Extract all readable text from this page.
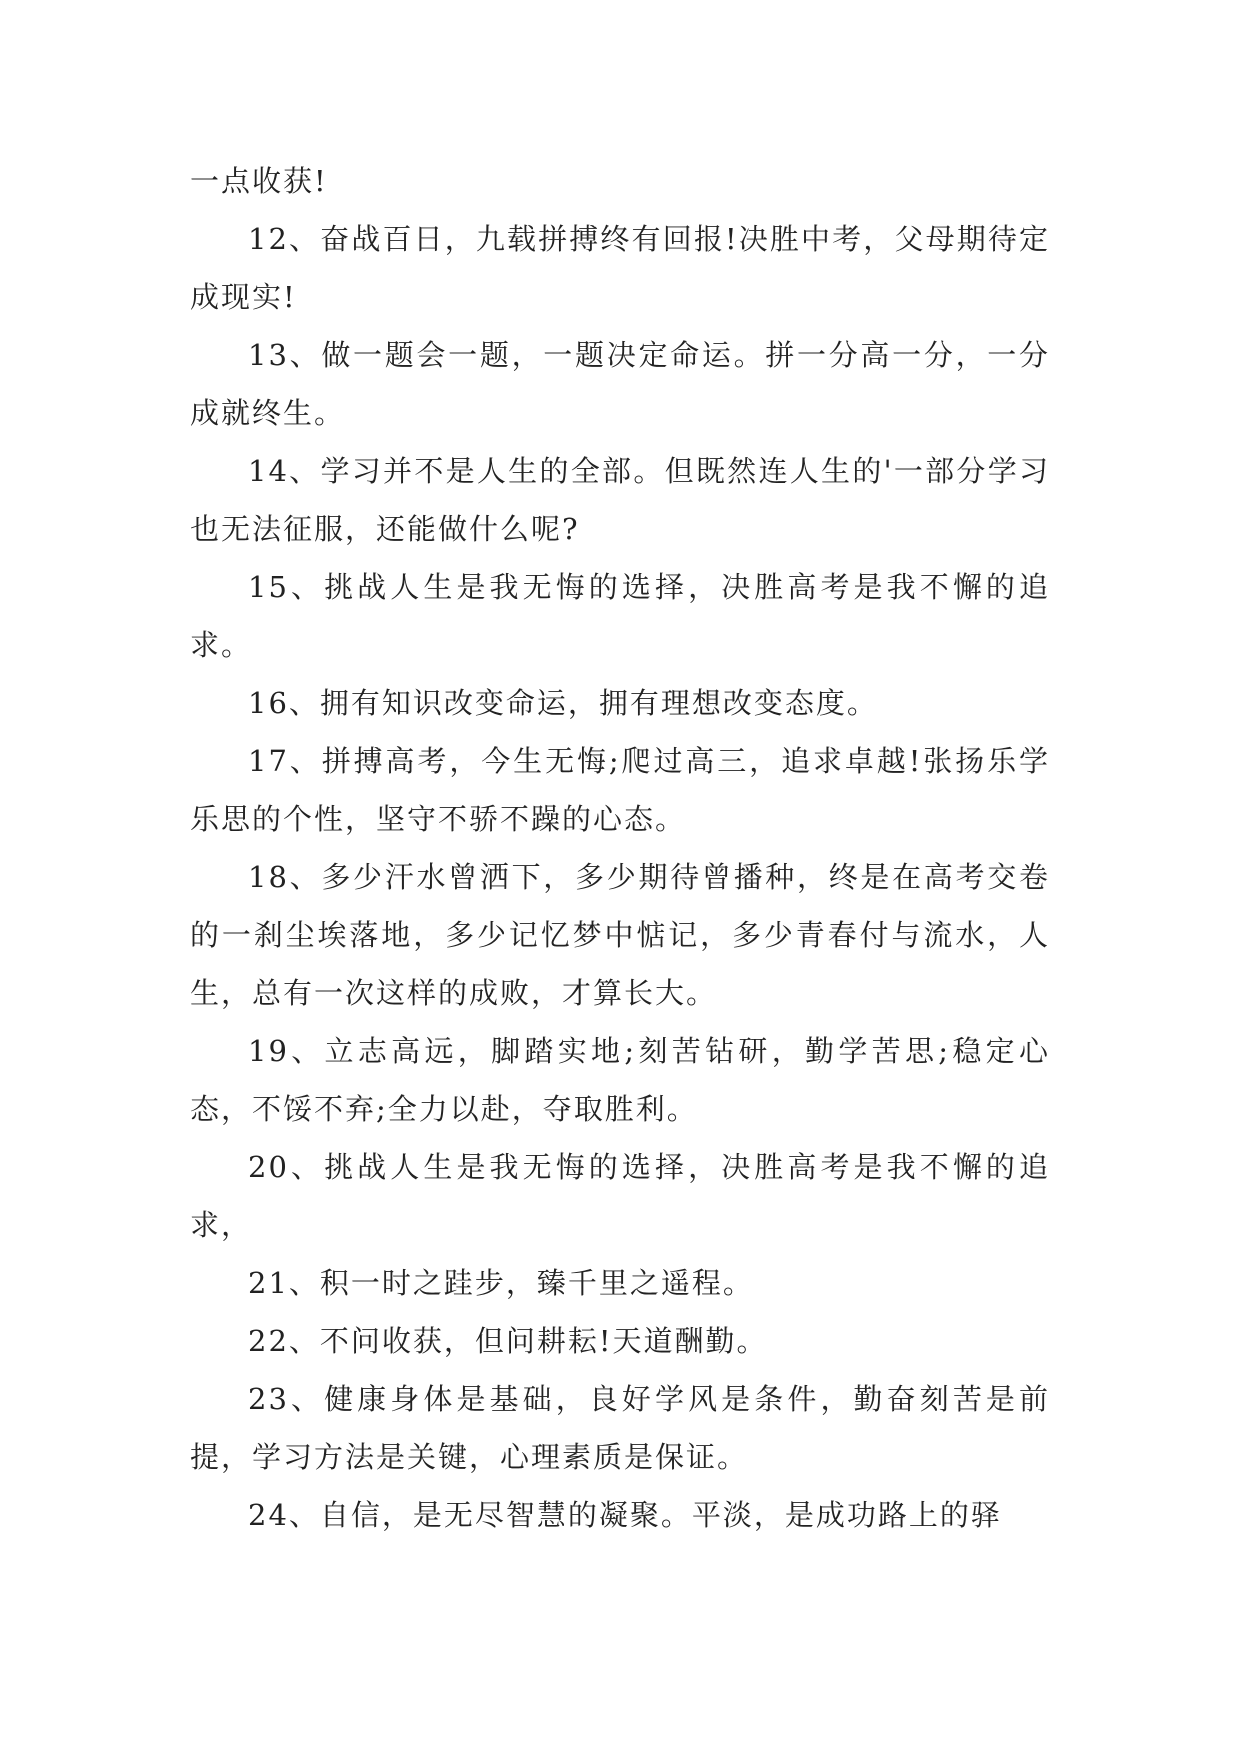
一点收获!

12、奋战百日，九载拼搏终有回报!决胜中考，父母期待定成现实!

13、做一题会一题，一题决定命运。拼一分高一分，一分成就终生。

14、学习并不是人生的全部。但既然连人生的'一部分学习也无法征服，还能做什么呢?

15、挑战人生是我无悔的选择，决胜高考是我不懈的追求。

16、拥有知识改变命运，拥有理想改变态度。

17、拼搏高考，今生无悔;爬过高三，追求卓越!张扬乐学乐思的个性，坚守不骄不躁的心态。

18、多少汗水曾洒下，多少期待曾播种，终是在高考交卷的一刹尘埃落地，多少记忆梦中惦记，多少青春付与流水，人生，总有一次这样的成败，才算长大。

19、立志高远，脚踏实地;刻苦钻研，勤学苦思;稳定心态，不馁不弃;全力以赴，夺取胜利。

20、挑战人生是我无悔的选择，决胜高考是我不懈的追求，

21、积一时之跬步，臻千里之遥程。

22、不问收获，但问耕耘!天道酬勤。

23、健康身体是基础，良好学风是条件，勤奋刻苦是前提，学习方法是关键，心理素质是保证。

24、自信，是无尽智慧的凝聚。平淡，是成功路上的驿
